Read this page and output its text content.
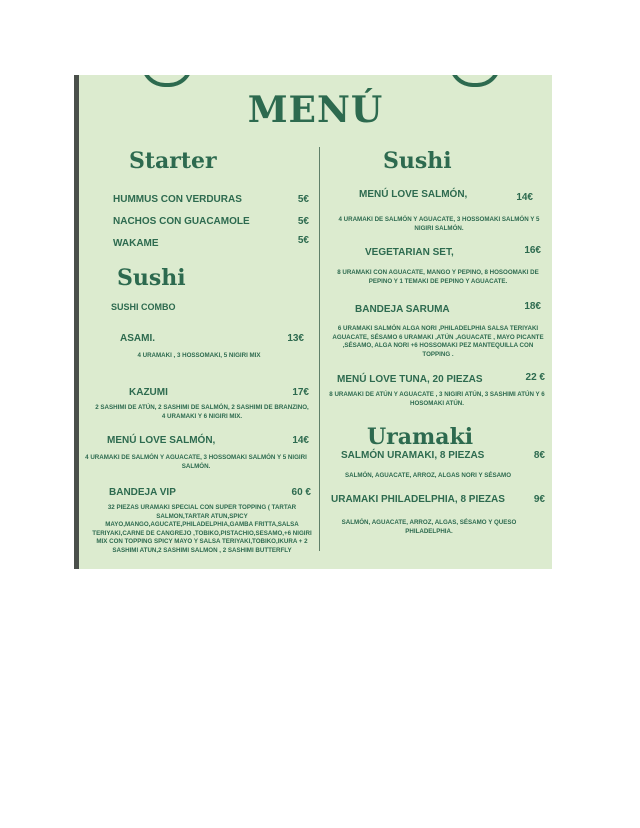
MENÚ
Starter
HUMMUS CON VERDURAS	5€
NACHOS CON GUACAMOLE	5€
WAKAME	5€
Sushi
SUSHI COMBO
ASAMI.	13€
4 URAMAKI , 3 HOSSOMAKI, 5 NIGIRI MIX
KAZUMI	17€
2 SASHIMI DE ATÚN, 2 SASHIMI DE SALMÓN, 2 SASHIMI DE BRANZINO, 4 URAMAKI Y 6 NIGIRI MIX.
MENÚ LOVE SALMÓN,	14€
4 URAMAKI DE SALMÓN Y AGUACATE, 3 HOSSOMAKI SALMÓN Y 5 NIGIRI SALMÓN.
BANDEJA VIP	60 €
32 PIEZAS URAMAKI SPECIAL CON SUPER TOPPING ( TARTAR SALMON,TARTAR ATUN,SPICY MAYO,MANGO,AGUCATE,PHILADELPHIA,GAMBA FRITTA,SALSA TERIYAKI,CARNE DE CANGREJO ,TOBIKO,PISTACHIO,SESAMO,+6 NIGIRI MIX CON TOPPING SPICY MAYO Y SALSA TERIYAKI,TOBIKO,IKURA + 2 SASHIMI ATUN,2 SASHIMI SALMON , 2 SASHIMI BUTTERFLY
Sushi
MENÚ LOVE SALMÓN,	14€
4 URAMAKI DE SALMÓN Y AGUACATE, 3 HOSSOMAKI SALMÓN Y 5 NIGIRI SALMÓN.
VEGETARIAN SET,	16€
8 URAMAKI CON AGUACATE, MANGO Y PEPINO, 8 HOSOOMAKI DE PEPINO Y 1 TEMAKI DE PEPINO Y AGUACATE.
BANDEJA SARUMA	18€
6 URAMAKI SALMÓN ALGA NORI ,PHILADELPHIA SALSA TERIYAKI AGUACATE, SÉSAMO 6 URAMAKI ,ATÚN ,AGUACATE , MAYO PICANTE ,SÉSAMO, ALGA NORI +6 HOSSOMAKI PEZ MANTEQUILLA CON TOPPING .
MENÚ LOVE TUNA, 20 PIEZAS	22 €
8 URAMAKI DE ATÚN Y AGUACATE , 3 NIGIRI ATÚN, 3 SASHIMI ATÚN Y 6 HOSOMAKI ATÚN.
Uramaki
SALMÓN URAMAKI, 8 PIEZAS	8€
SALMÓN, AGUACATE, ARROZ, ALGAS NORI Y SÉSAMO
URAMAKI PHILADELPHIA, 8 PIEZAS	9€
SALMÓN, AGUACATE, ARROZ, ALGAS, SÉSAMO Y QUESO PHILADELPHIA.
